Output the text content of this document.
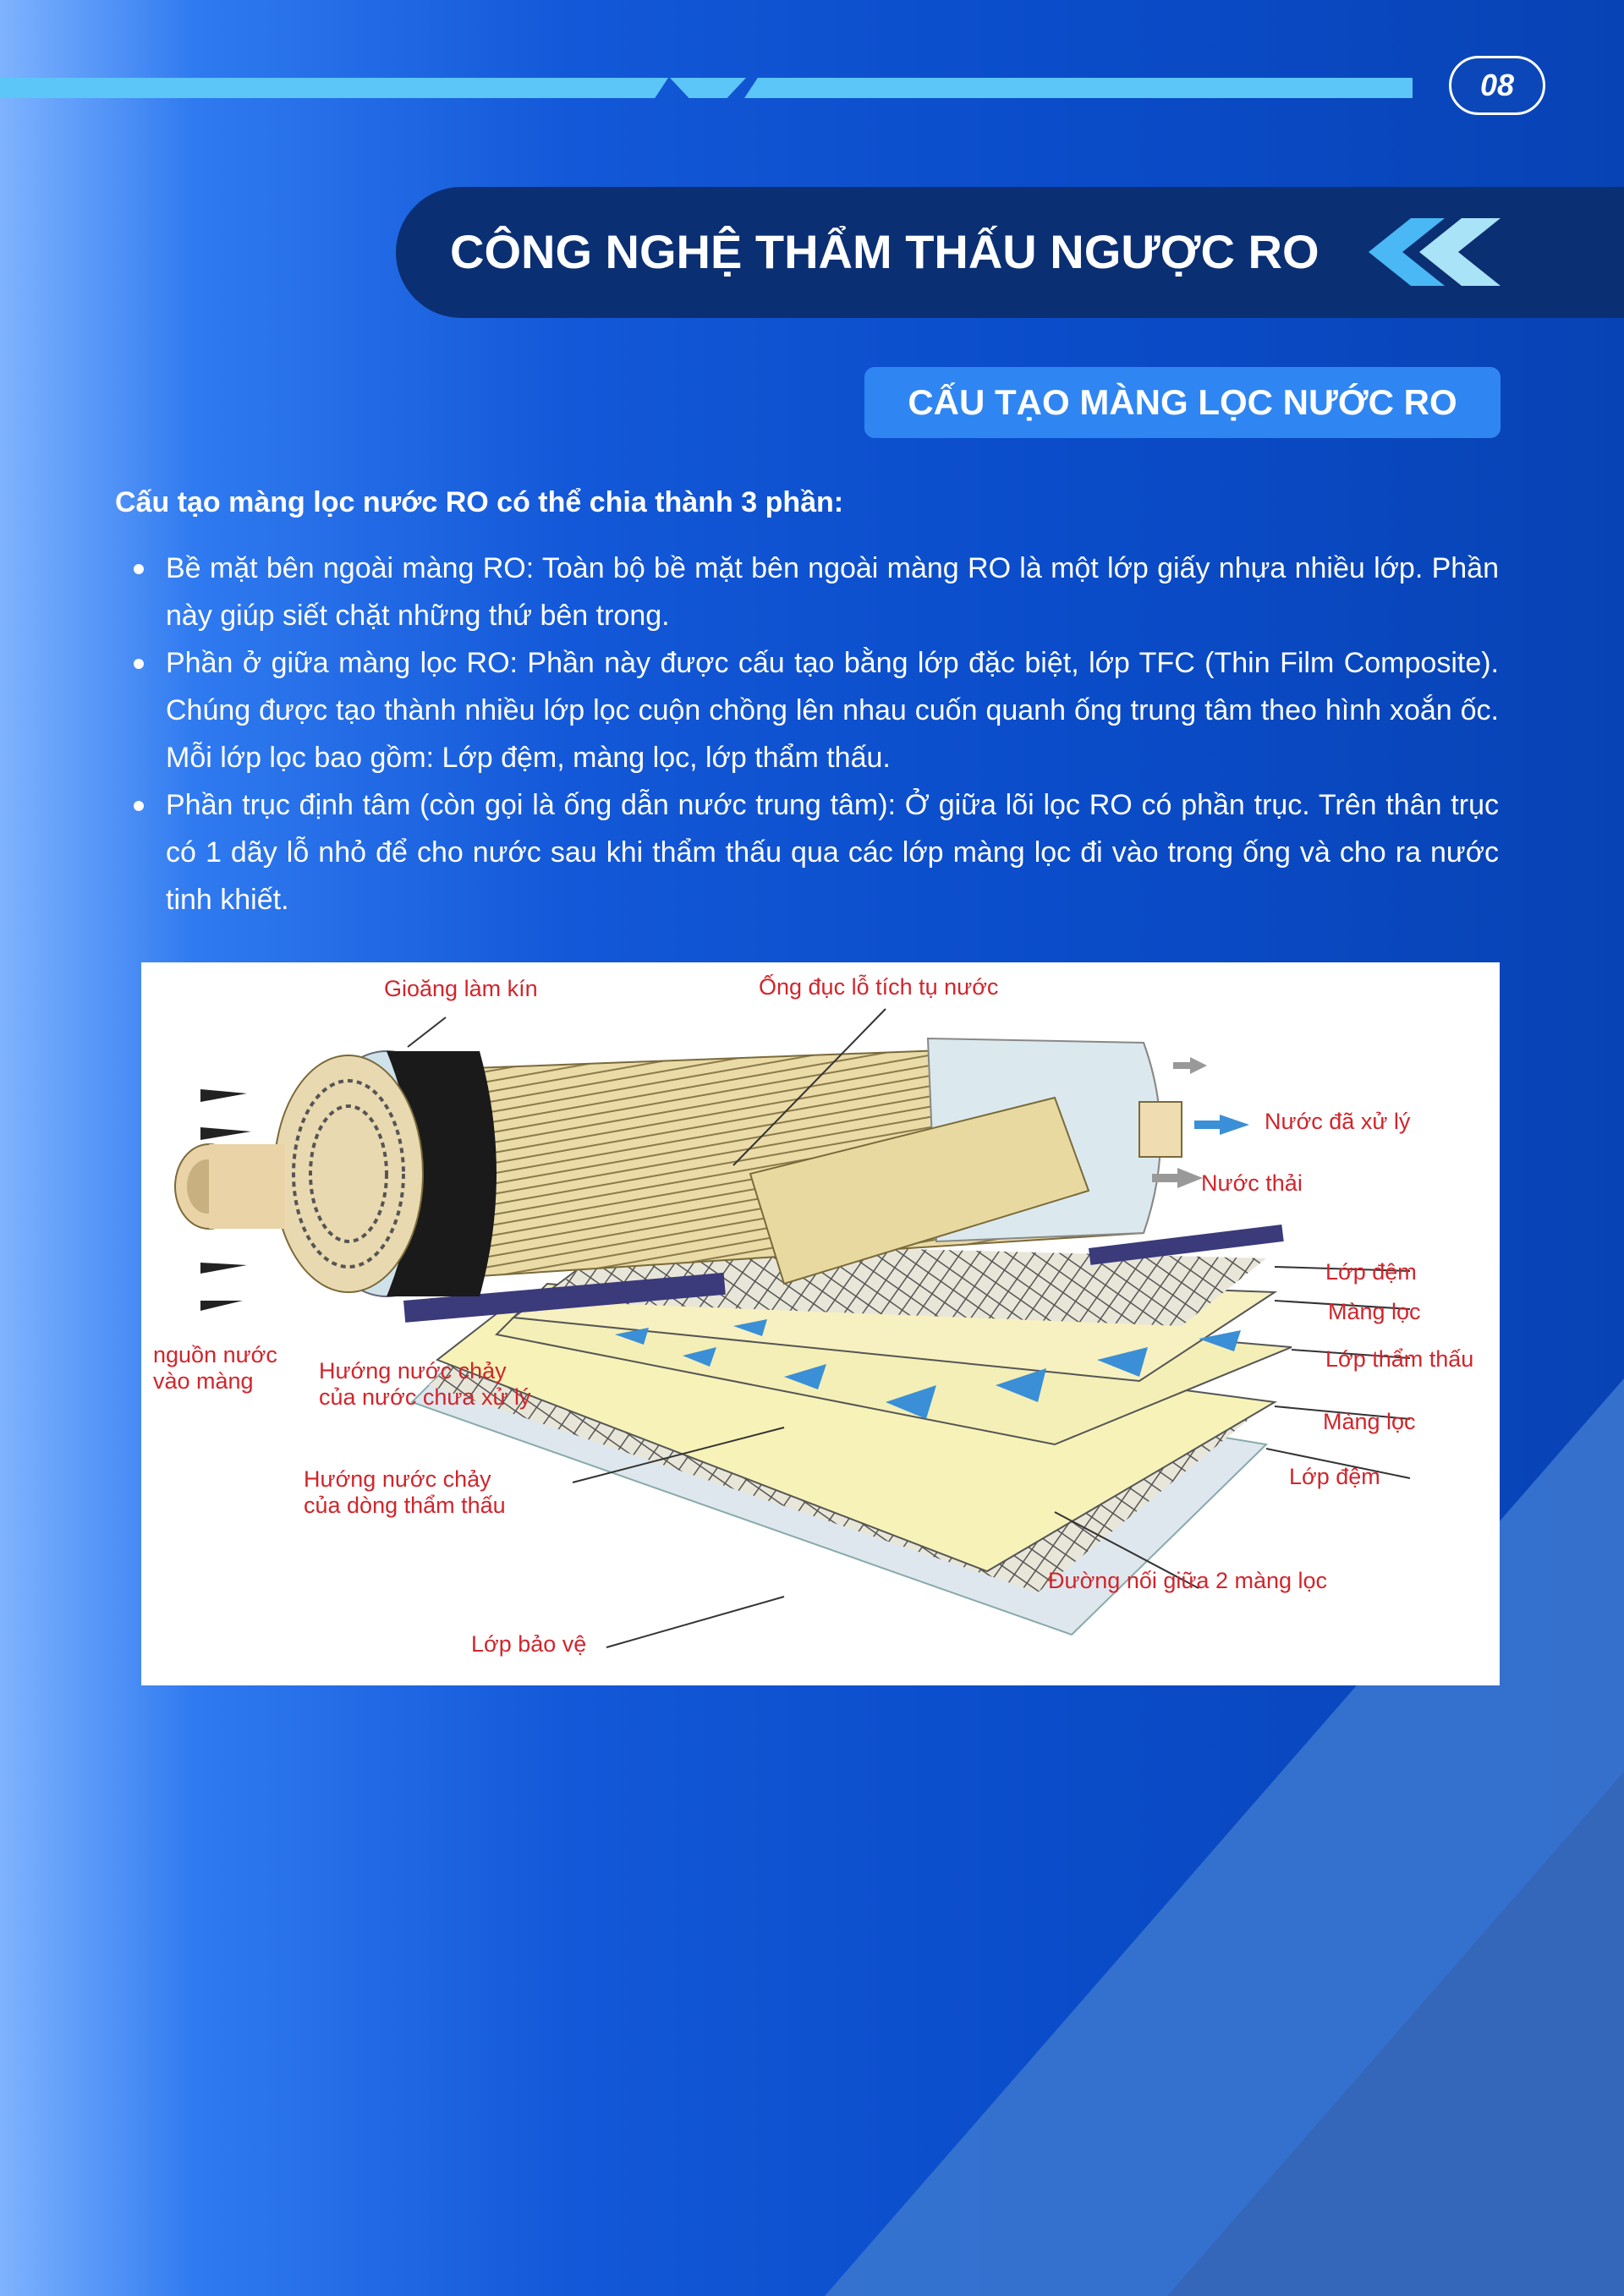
08
CÔNG NGHỆ THẨM THẤU NGƯỢC RO
CẤU TẠO MÀNG LỌC NƯỚC RO
Cấu tạo màng lọc nước RO có thể chia thành 3 phần:
Bề mặt bên ngoài màng RO: Toàn bộ bề mặt bên ngoài màng RO là một lớp giấy nhựa nhiều lớp. Phần này giúp siết chặt những thứ bên trong.
Phần ở giữa màng lọc RO: Phần này được cấu tạo bằng lớp đặc biệt, lớp TFC (Thin Film Composite). Chúng được tạo thành nhiều lớp lọc cuộn chồng lên nhau cuốn quanh ống trung tâm theo hình xoắn ốc. Mỗi lớp lọc bao gồm: Lớp đệm, màng lọc, lớp thẩm thấu.
Phần trục định tâm (còn gọi là ống dẫn nước trung tâm): Ở giữa lõi lọc RO có phần trục. Trên thân trục có 1 dãy lỗ nhỏ để cho nước sau khi thẩm thấu qua các lớp màng lọc đi vào trong ống và cho ra nước tinh khiết.
Gioăng làm kín	Ống đục lỗ tích tụ nước
Nước đã xử lý
Nước thải
Lớp đệm
Màng lọc
Lớp thẩm thấu
Màng lọc
Lớp đệm
nguồn nước
vào màng	Hướng nước chảy
của nước chưa xử lý
Hướng nước chảy
của dòng thẩm thấu
Đường nối giữa 2 màng lọc
Lớp bảo vệ
